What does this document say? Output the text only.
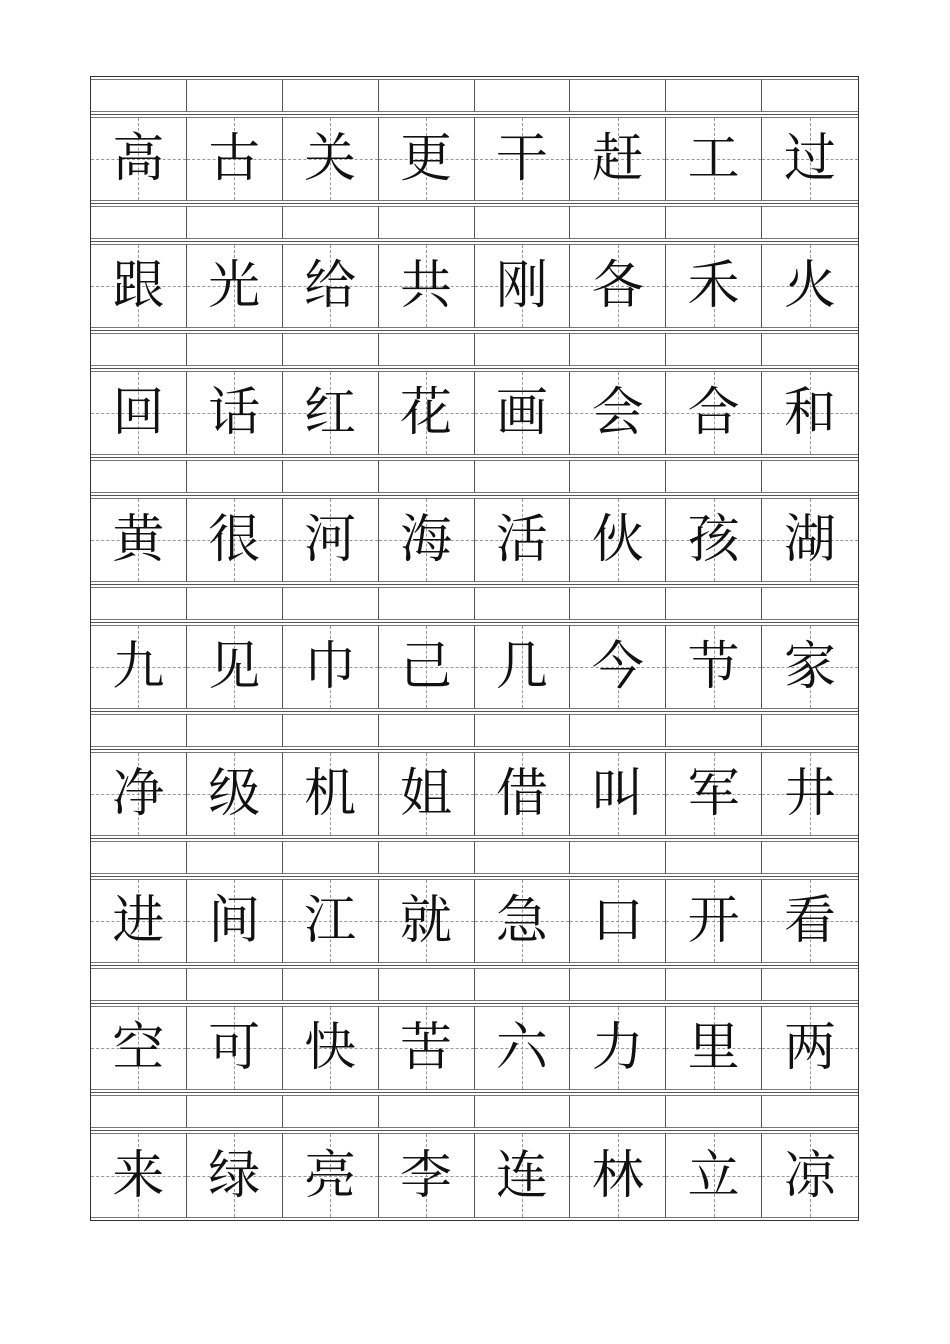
高 古 关 更 干 赶 工 过
跟 光 给 共 刚 各 禾 火
回 话 红 花 画 会 合 和
黄 很 河 海 活 伙 孩 湖
九 见 巾 己 几 今 节 家
净 级 机 姐 借 叫 军 井
进 间 江 就 急 口 开 看
空 可 快 苦 六 力 里 两
来 绿 亮 李 连 林 立 凉
